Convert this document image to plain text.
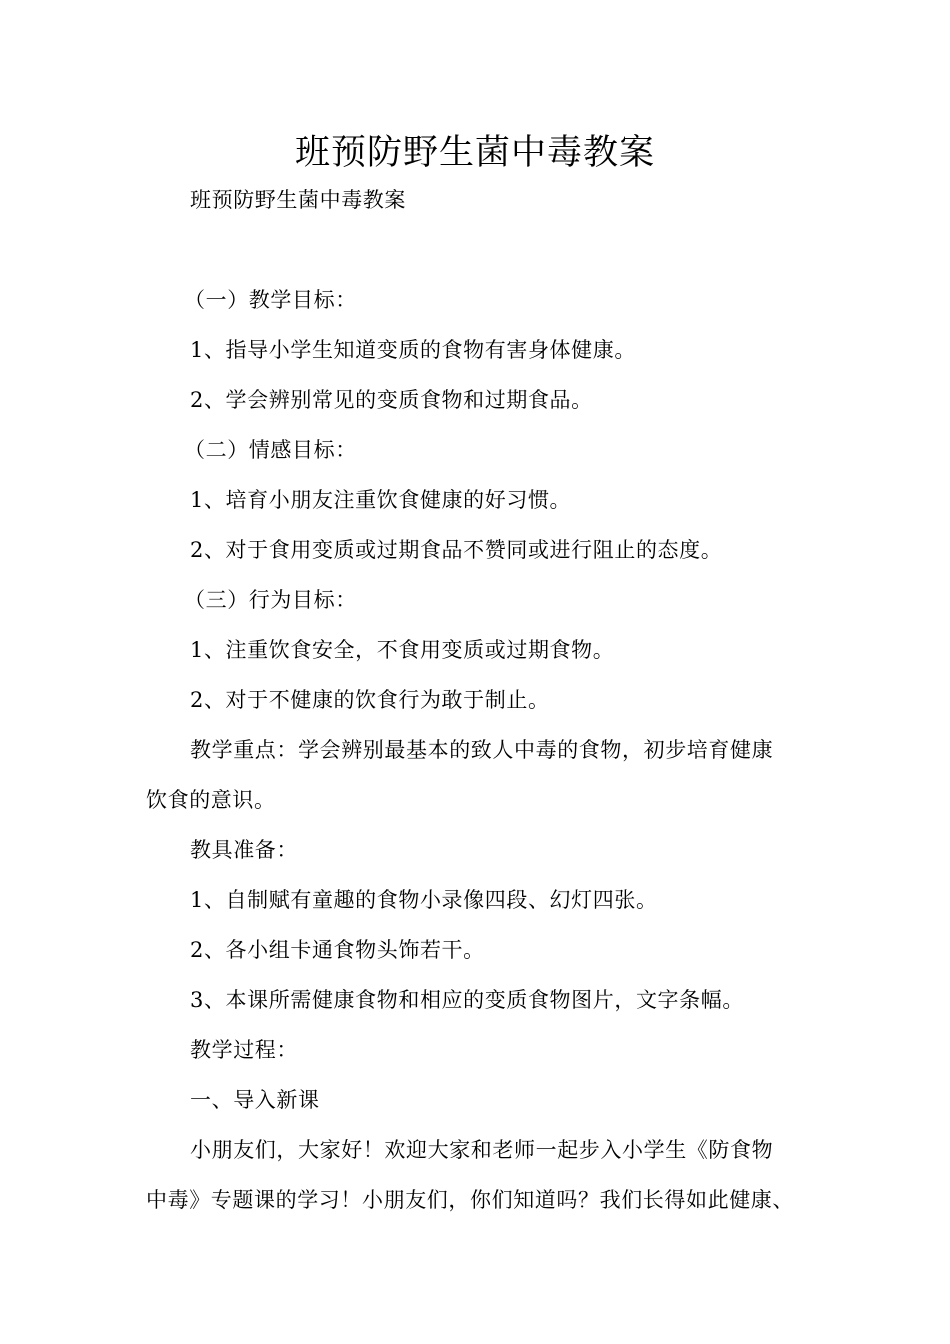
班预防野生菌中毒教案
班预防野生菌中毒教案
（一）教学目标：
1、指导小学生知道变质的食物有害身体健康。
2、学会辨别常见的变质食物和过期食品。
（二）情感目标：
1、培育小朋友注重饮食健康的好习惯。
2、对于食用变质或过期食品不赞同或进行阻止的态度。
（三）行为目标：
1、注重饮食安全，不食用变质或过期食物。
2、对于不健康的饮食行为敢于制止。
教学重点：学会辨别最基本的致人中毒的食物，初步培育健康
饮食的意识。
教具准备：
1、自制赋有童趣的食物小录像四段、幻灯四张。
2、各小组卡通食物头饰若干。
3、本课所需健康食物和相应的变质食物图片，文字条幅。
教学过程：
一、导入新课
小朋友们，大家好！欢迎大家和老师一起步入小学生《防食物
中毒》专题课的学习！小朋友们，你们知道吗？我们长得如此健康、
